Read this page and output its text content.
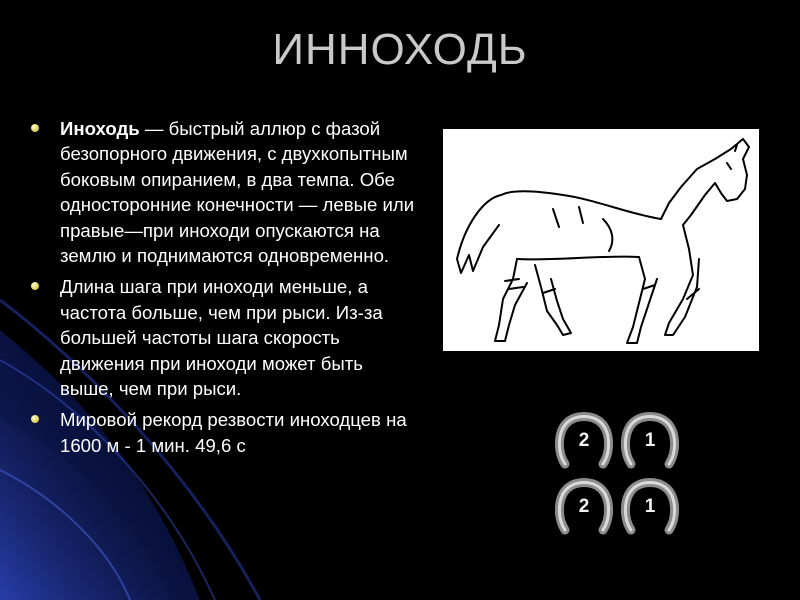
ИННОХОДЬ
Иноходь — быстрый аллюр с фазой безопорного движения, с двухкопытным боковым опиранием, в два темпа. Обе односторонние конечности — левые или правые—при иноходи опускаются на землю и поднимаются одновременно.
Длина шага при иноходи меньше, а частота больше, чем при рыси. Из-за большей частоты шага скорость движения при иноходи может быть выше, чем при рыси.
Мировой рекорд резвости иноходцев на 1600 м - 1 мин. 49,6 с	2	1
2	1
